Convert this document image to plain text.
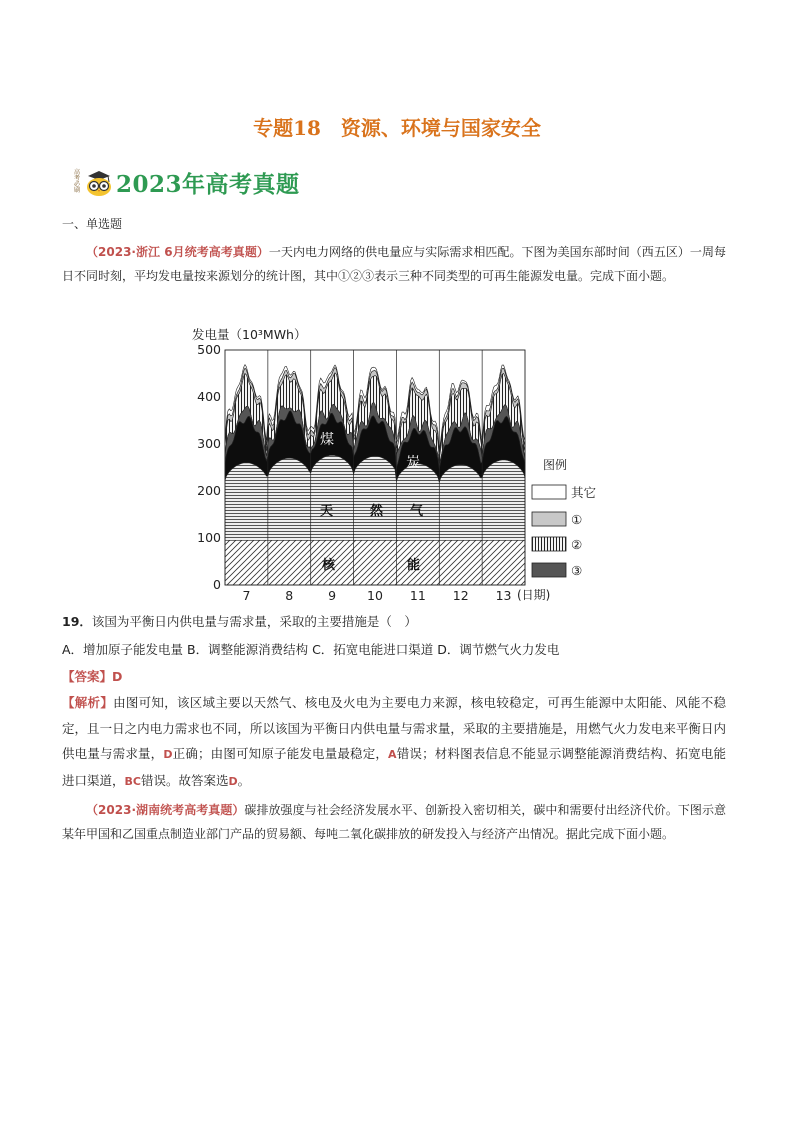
专题18　资源、环境与国家安全
高考必刷 2023年高考真题
一、单选题
（2023·浙江 6月统考高考真题）一天内电力网络的供电量应与实际需求相匹配。下图为美国东部时间（西五区）一周每日不同时刻，平均发电量按来源划分的统计图，其中①②③表示三种不同类型的可再生能源发电量。完成下面小题。
发电量（10³MWh）
0
100
200
300
400
500
7	8	9 10 11 12 13 (日期)
煤
炭
天	然 气
核	能
图例
其它
①
②
③
19．该国为平衡日内供电量与需求量，采取的主要措施是（　）
A．增加原子能发电量 B．调整能源消费结构 C．拓宽电能进口渠道 D．调节燃气火力发电
【答案】D
【解析】由图可知，该区域主要以天然气、核电及火电为主要电力来源，核电较稳定，可再生能源中太阳能、风能不稳定，且一日之内电力需求也不同，所以该国为平衡日内供电量与需求量，采取的主要措施是，用燃气火力发电来平衡日内供电量与需求量，D正确；由图可知原子能发电量最稳定，A错误；材料图表信息不能显示调整能源消费结构、拓宽电能进口渠道，BC错误。故答案选D。
（2023·湖南统考高考真题）碳排放强度与社会经济发展水平、创新投入密切相关，碳中和需要付出经济代价。下图示意某年甲国和乙国重点制造业部门产品的贸易额、每吨二氧化碳排放的研发投入与经济产出情况。据此完成下面小题。
